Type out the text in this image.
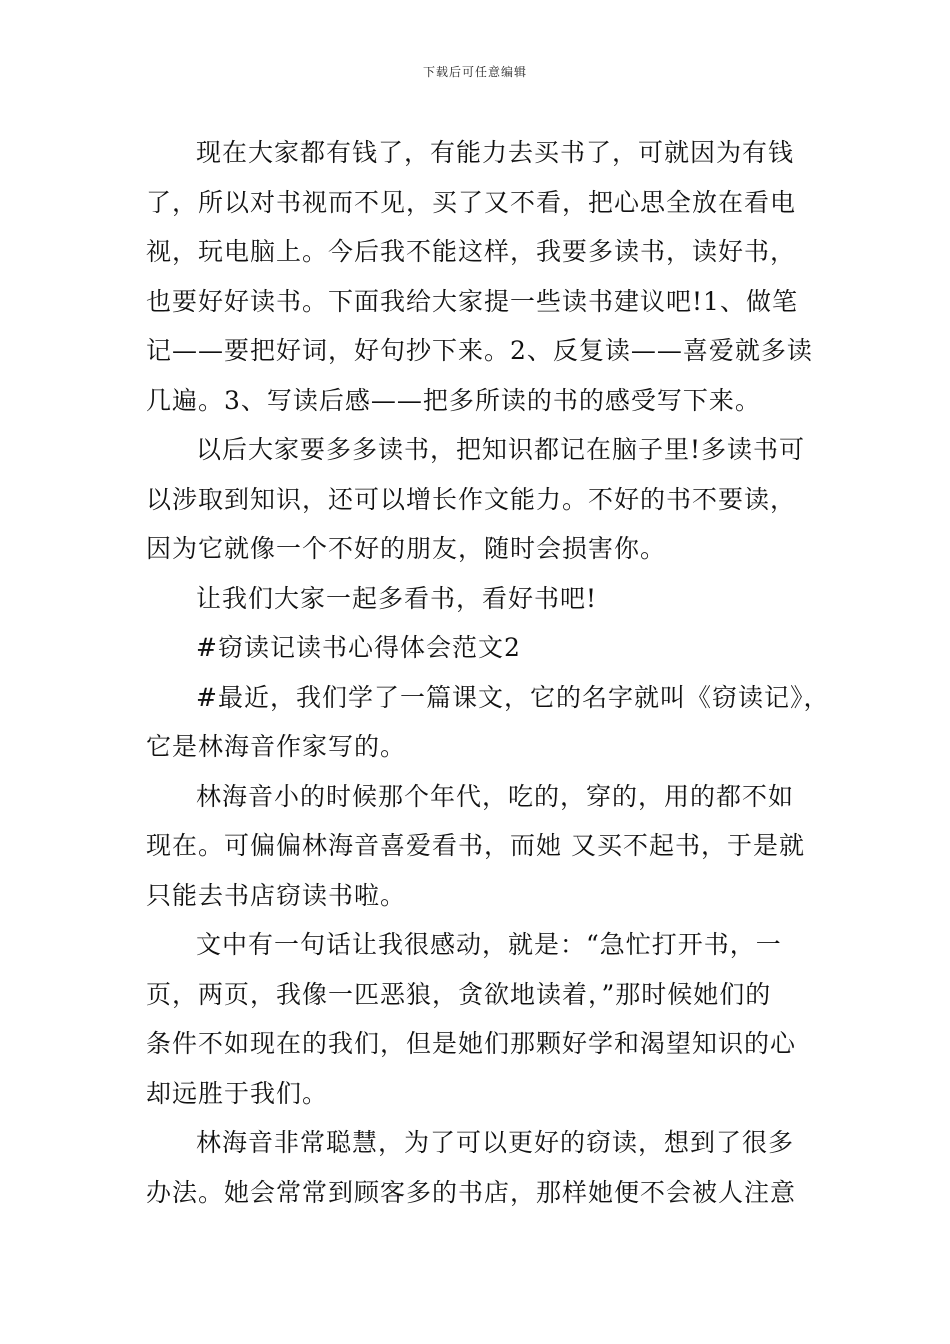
下载后可任意编辑
现在大家都有钱了，有能力去买书了，可就因为有钱
了，所以对书视而不见，买了又不看，把心思全放在看电
视，玩电脑上。今后我不能这样，我要多读书，读好书，
也要好好读书。下面我给大家提一些读书建议吧!1、做笔
记——要把好词，好句抄下来。2、反复读——喜爱就多读
几遍。3、写读后感——把多所读的书的感受写下来。
以后大家要多多读书，把知识都记在脑子里!多读书可
以涉取到知识，还可以增长作文能力。不好的书不要读，
因为它就像一个不好的朋友，随时会损害你。
让我们大家一起多看书，看好书吧!
#窃读记读书心得体会范文2
#最近，我们学了一篇课文，它的名字就叫《窃读记》，
它是林海音作家写的。
林海音小的时候那个年代，吃的，穿的，用的都不如
现在。可偏偏林海音喜爱看书，而她 又买不起书，于是就
只能去书店窃读书啦。
文中有一句话让我很感动，就是：“急忙打开书，一
页，两页，我像一匹恶狼，贪欲地读着，”那时候她们的
条件不如现在的我们，但是她们那颗好学和渴望知识的心
却远胜于我们。
林海音非常聪慧，为了可以更好的窃读，想到了很多
办法。她会常常到顾客多的书店，那样她便不会被人注意
